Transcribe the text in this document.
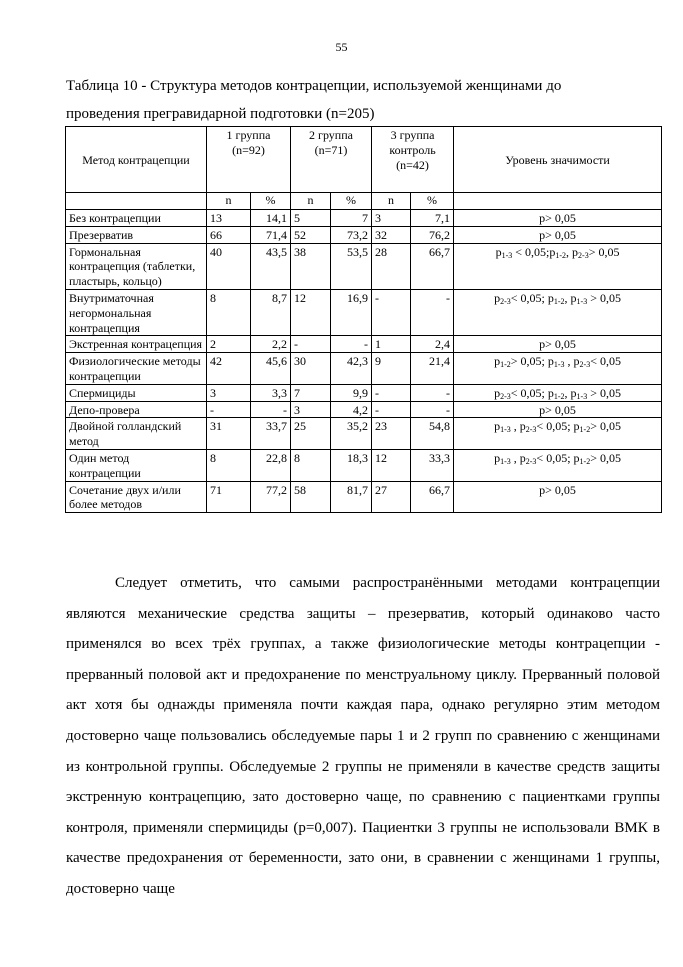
55
Таблица 10 - Структура методов контрацепции, используемой женщинами до проведения прегравидарной подготовки (n=205)
Метод контрацепции	1 группа (n=92)		2 группа (n=71)		3 группа контроль (n=42)		Уровень значимости
	n	%	n	%	n	%	
Без контрацепции	13	14,1	5	7	3	7,1	p> 0,05
Презерватив	66	71,4	52	73,2	32	76,2	p> 0,05
Гормональная контрацепция (таблетки, пластырь, кольцо)	40	43,5	38	53,5	28	66,7	$p_{1-3}$ < $0,05;p_{1-2}$, $p_{2-3}> 0,05$
Внутриматочная негормональная контрацепция	8	8,7	12	16,9	-	-	$p_{2-3}< 0,05$; $p_{1-2}$, $p_{1-3} > 0,05$
Экстренная контрацепция	2	2,2	-	-	1	2,4	p> 0,05
Физиологические методы контрацепции	42	45,6	30	42,3	9	21,4	$p_{1-2}> 0,05$; $p_{1-3}$ , $p_{2-3}< 0,05$
Спермициды	3	3,3	7	9,9	-	-	$p_{2-3}< 0,05$; $p_{1-2}$, $p_{1-3} > 0,05$
Депо-провера	-	-	3	4,2	-	-	p> 0,05
Двойной голландский метод	31	33,7	25	35,2	23	54,8	$p_{1-3}$ , $p_{2-3}< 0,05$; $p_{1-2}> 0,05$
Один метод контрацепции	8	22,8	8	18,3	12	33,3	$p_{1-3}$ , $p_{2-3}< 0,05$; $p_{1-2}> 0,05$
Сочетание двух и/или более методов	71	77,2	58	81,7	27	66,7	p> 0,05

Следует отметить, что самыми распространёнными методами контрацепции являются механические средства защиты – презерватив, который одинаково часто применялся во всех трёх группах, а также физиологические методы контрацепции - прерванный половой акт и предохранение по менструальному циклу. Прерванный половой акт хотя бы однажды применяла почти каждая пара, однако регулярно этим методом достоверно чаще пользовались обследуемые пары 1 и 2 групп по сравнению с женщинами из контрольной группы. Обследуемые 2 группы не применяли в качестве средств защиты экстренную контрацепцию, зато достоверно чаще, по сравнению с пациентками группы контроля, применяли спермициды (р=0,007). Пациентки 3 группы не использовали ВМК в качестве предохранения от беременности, зато они, в сравнении с женщинами 1 группы, достоверно чаще
